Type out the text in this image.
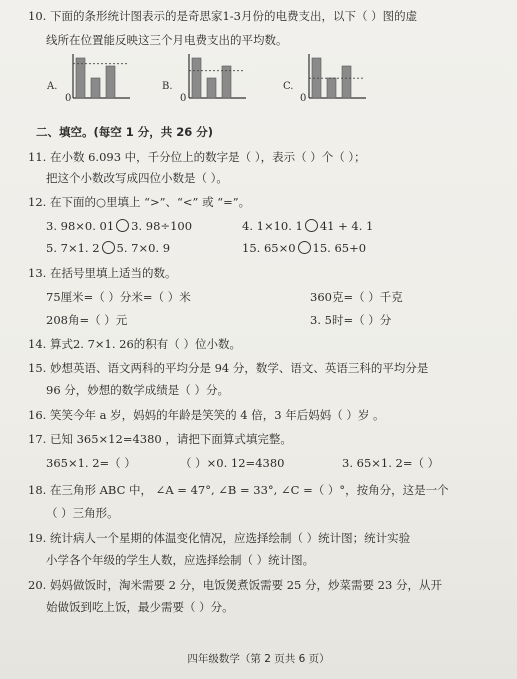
10. 下面的条形统计图表示的是奇思家1-3月份的电费支出，以下（ ）图的虚
线所在位置能反映这三个月电费支出的平均数。
A.
0
B.
0
C.
0
二、填空。(每空 1 分，共 26 分)
11. 在小数 6.093 中，千分位上的数字是（ ），表示（ ）个（ ）；
把这个小数改写成四位小数是（ ）。
12. 在下面的○里填上 “>”、“<” 或 “=”。
3. 98×0. 01 3. 98÷100	4. 1×10. 1 41 + 4. 1
5. 7×1. 2 5. 7×0. 9	15. 65×0 15. 65+0
13. 在括号里填上适当的数。
75厘米=（ ）分米=（ ）米	360克=（ ）千克
208角=（ ）元	3. 5时=（ ）分
14. 算式2. 7×1. 26的积有（ ）位小数。
15. 妙想英语、语文两科的平均分是 94 分，数学、语文、英语三科的平均分是
96 分，妙想的数学成绩是（ ）分。
16. 笑笑今年 a 岁，妈妈的年龄是笑笑的 4 倍，3 年后妈妈（ ）岁 。
17. 已知 365×12=4380 ，请把下面算式填完整。
365×1. 2=（ ）	（ ）×0. 12=4380	3. 65×1. 2=（ ）
18. 在三角形 ABC 中， ∠A = 47°, ∠B = 33°, ∠C =（ ）°，按角分，这是一个
（ ）三角形。
19. 统计病人一个星期的体温变化情况，应选择绘制（ ）统计图；统计实验
小学各个年级的学生人数，应选择绘制（ ）统计图。
20. 妈妈做饭时，淘米需要 2 分，电饭煲煮饭需要 25 分，炒菜需要 23 分，从开
始做饭到吃上饭，最少需要（ ）分。
四年级数学（第 2 页共 6 页）
